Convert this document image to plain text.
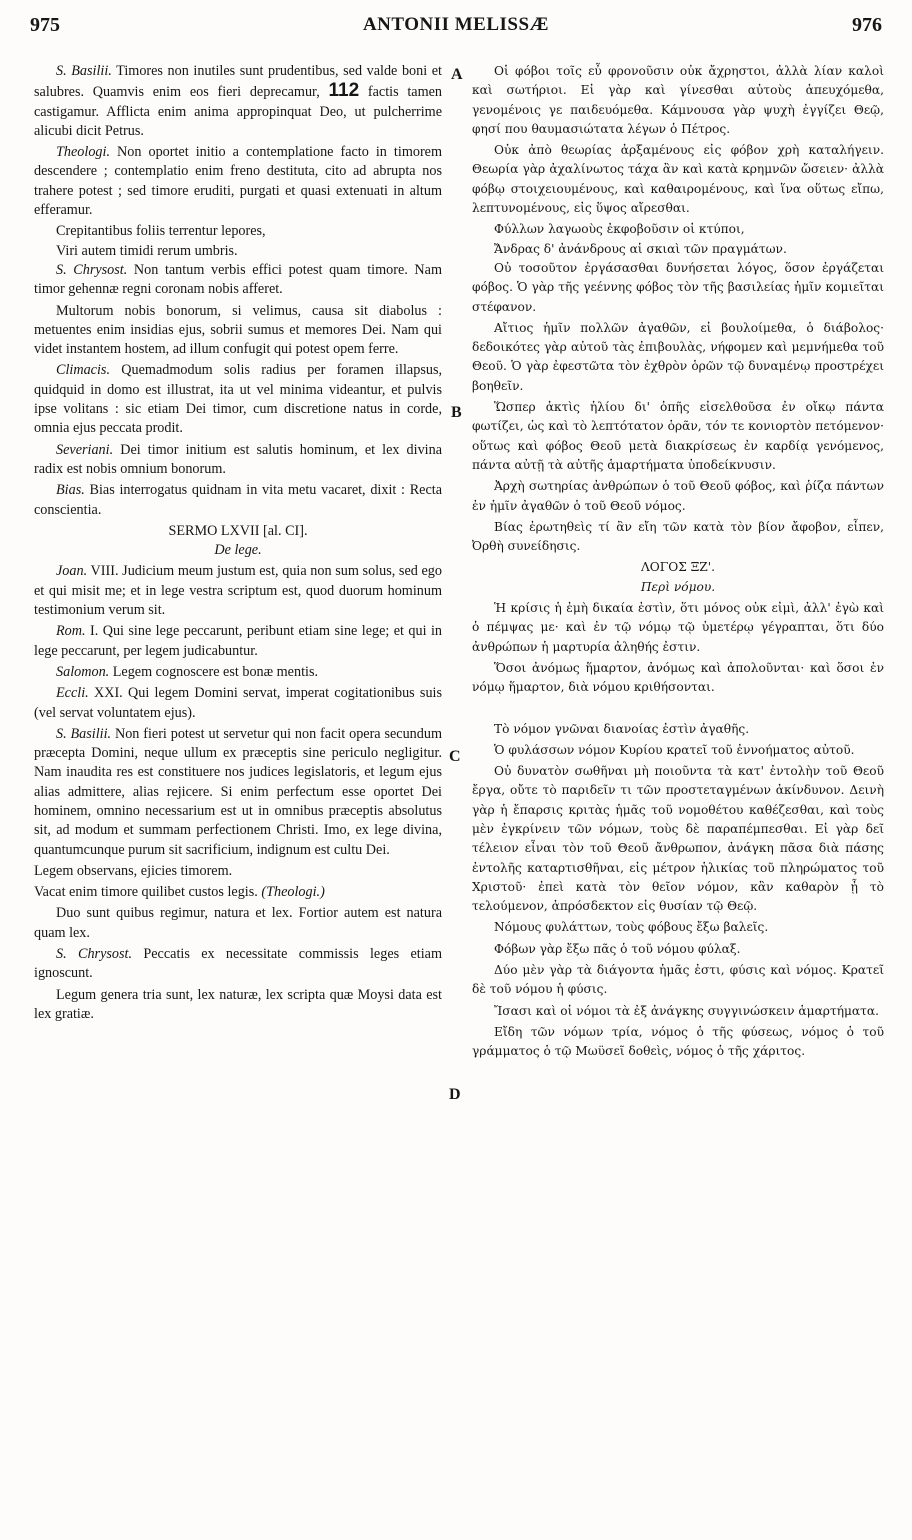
975	ANTONII MELISSÆ	976
A
B
C
D

S. Basilii. Timores non inutiles sunt prudentibus, sed valde boni et salubres. Quamvis enim eos fieri deprecamur, 112 factis tamen castigamur. Afflicta enim anima appropinquat Deo, ut pulcherrime alicubi dicit Petrus.

Theologi. Non oportet initio a contemplatione facto in timorem descendere ; contemplatio enim freno destituta, cito ad abrupta nos trahere potest ; sed timore eruditi, purgati et quasi extenuati in altum efferamur.

Crepitantibus foliis terrentur lepores,

Viri autem timidi rerum umbris.

S. Chrysost. Non tantum verbis effici potest quam timore. Nam timor gehennæ regni coronam nobis afferet.

Multorum nobis bonorum, si velimus, causa sit diabolus : metuentes enim insidias ejus, sobrii sumus et memores Dei. Nam qui videt instantem hostem, ad illum confugit qui potest opem ferre.

Climacis. Quemadmodum solis radius per foramen illapsus, quidquid in domo est illustrat, ita ut vel minima videantur, et pulvis ipse volitans : sic etiam Dei timor, cum discretione natus in corde, omnia ejus peccata prodit.

Severiani. Dei timor initium est salutis hominum, et lex divina radix est nobis omnium bonorum.

Bias. Bias interrogatus quidnam in vita metu vacaret, dixit : Recta conscientia.

SERMO LXVII [al. CI].

De lege.

Joan. VIII. Judicium meum justum est, quia non sum solus, sed ego et qui misit me; et in lege vestra scriptum est, quod duorum hominum testimonium verum sit.

Rom. I. Qui sine lege peccarunt, peribunt etiam sine lege; et qui in lege peccarunt, per legem judicabuntur.

Salomon. Legem cognoscere est bonæ mentis.

Eccli. XXI. Qui legem Domini servat, imperat cogitationibus suis (vel servat voluntatem ejus).

S. Basilii. Non fieri potest ut servetur qui non facit opera secundum præcepta Domini, neque ullum ex præceptis sine periculo negligitur. Nam inaudita res est constituere nos judices legislatoris, et legum ejus alias admittere, alias rejicere. Si enim perfectum esse oportet Dei hominem, omnino necessarium est ut in omnibus præceptis absolutus sit, ad modum et summam perfectionem Christi. Imo, ex lege divina, quantumcunque purum sit sacrificium, indignum est cultu Dei.

Legem observans, ejicies timorem.

Vacat enim timore quilibet custos legis. (Theologi.)

Duo sunt quibus regimur, natura et lex. Fortior autem est natura quam lex.

S. Chrysost. Peccatis ex necessitate commissis leges etiam ignoscunt.

Legum genera tria sunt, lex naturæ, lex scripta quæ Moysi data est lex gratiæ.

Οἱ φόβοι τοῖς εὖ φρονοῦσιν οὐκ ἄχρηστοι, ἀλλὰ λίαν καλοὶ καὶ σωτήριοι. Εἰ γὰρ καὶ γίνεσθαι αὐτοὺς ἀπευχόμεθα, γενομένοις γε παιδευόμεθα. Κάμνουσα γὰρ ψυχὴ ἐγγίζει Θεῷ, φησί που θαυμασιώτατα λέγων ὁ Πέτρος.

Οὐκ ἀπὸ θεωρίας ἀρξαμένους εἰς φόβον χρὴ καταλήγειν. Θεωρία γὰρ ἀχαλίνωτος τάχα ἂν καὶ κατὰ κρημνῶν ὤσειεν· ἀλλὰ φόβῳ στοιχειουμένους, καὶ καθαιρομένους, καὶ ἵνα οὕτως εἴπω, λεπτυνομένους, εἰς ὕψος αἴρεσθαι.

Φύλλων λαγωοὺς ἐκφοβοῦσιν οἱ κτύποι,

Ἄνδρας δ' ἀνάνδρους αἱ σκιαὶ τῶν πραγμάτων.

Οὐ τοσοῦτον ἐργάσασθαι δυνήσεται λόγος, ὅσον ἐργάζεται φόβος. Ὁ γὰρ τῆς γεέννης φόβος τὸν τῆς βασιλείας ἡμῖν κομιεῖται στέφανον.

Αἴτιος ἡμῖν πολλῶν ἀγαθῶν, εἰ βουλοίμεθα, ὁ διάβολος· δεδοικότες γὰρ αὐτοῦ τὰς ἐπιβουλὰς, νήφομεν καὶ μεμνήμεθα τοῦ Θεοῦ. Ὁ γὰρ ἐφεστῶτα τὸν ἐχθρὸν ὁρῶν τῷ δυναμένῳ προστρέχει βοηθεῖν.

Ὥσπερ ἀκτὶς ἡλίου δι' ὀπῆς εἰσελθοῦσα ἐν οἴκῳ πάντα φωτίζει, ὡς καὶ τὸ λεπτότατον ὁρᾶν, τόν τε κονιορτὸν πετόμενον· οὕτως καὶ φόβος Θεοῦ μετὰ διακρίσεως ἐν καρδίᾳ γενόμενος, πάντα αὐτῇ τὰ αὐτῆς ἁμαρτήματα ὑποδείκνυσιν.

Ἀρχὴ σωτηρίας ἀνθρώπων ὁ τοῦ Θεοῦ φόβος, καὶ ῥίζα πάντων ἐν ἡμῖν ἀγαθῶν ὁ τοῦ Θεοῦ νόμος.

Βίας ἐρωτηθεὶς τί ἂν εἴη τῶν κατὰ τὸν βίον ἄφοβον, εἶπεν, Ὀρθὴ συνείδησις.

ΛΟΓΟΣ ΞΖ'.

Περὶ νόμου.

Ἡ κρίσις ἡ ἐμὴ δικαία ἐστὶν, ὅτι μόνος οὐκ εἰμὶ, ἀλλ' ἐγὼ καὶ ὁ πέμψας με· καὶ ἐν τῷ νόμῳ τῷ ὑμετέρῳ γέγραπται, ὅτι δύο ἀνθρώπων ἡ μαρτυρία ἀληθής ἐστιν.

Ὅσοι ἀνόμως ἥμαρτον, ἀνόμως καὶ ἀπολοῦνται· καὶ ὅσοι ἐν νόμῳ ἥμαρτον, διὰ νόμου κριθήσονται.

Τὸ νόμον γνῶναι διανοίας ἐστὶν ἀγαθῆς.

Ὁ φυλάσσων νόμον Κυρίου κρατεῖ τοῦ ἐννοήματος αὐτοῦ.

Οὐ δυνατὸν σωθῆναι μὴ ποιοῦντα τὰ κατ' ἐντολὴν τοῦ Θεοῦ ἔργα, οὔτε τὸ παριδεῖν τι τῶν προστεταγμένων ἀκίνδυνον. Δεινὴ γὰρ ἡ ἔπαρσις κριτὰς ἡμᾶς τοῦ νομοθέτου καθέζεσθαι, καὶ τοὺς μὲν ἐγκρίνειν τῶν νόμων, τοὺς δὲ παραπέμπεσθαι. Εἰ γὰρ δεῖ τέλειον εἶναι τὸν τοῦ Θεοῦ ἄνθρωπον, ἀνάγκη πᾶσα διὰ πάσης ἐντολῆς καταρτισθῆναι, εἰς μέτρον ἡλικίας τοῦ πληρώματος τοῦ Χριστοῦ· ἐπεὶ κατὰ τὸν θεῖον νόμον, κἂν καθαρὸν ᾖ τὸ τελούμενον, ἀπρόσδεκτον εἰς θυσίαν τῷ Θεῷ.

Νόμους φυλάττων, τοὺς φόβους ἔξω βαλεῖς.

Φόβων γὰρ ἔξω πᾶς ὁ τοῦ νόμου φύλαξ.

Δύο μὲν γὰρ τὰ διάγοντα ἡμᾶς ἐστι, φύσις καὶ νόμος. Κρατεῖ δὲ τοῦ νόμου ἡ φύσις.

Ἴσασι καὶ οἱ νόμοι τὰ ἐξ ἀνάγκης συγγινώσκειν ἁμαρτήματα.

Εἴδη τῶν νόμων τρία, νόμος ὁ τῆς φύσεως, νόμος ὁ τοῦ γράμματος ὁ τῷ Μωϋσεῖ δοθεὶς, νόμος ὁ τῆς χάριτος.
